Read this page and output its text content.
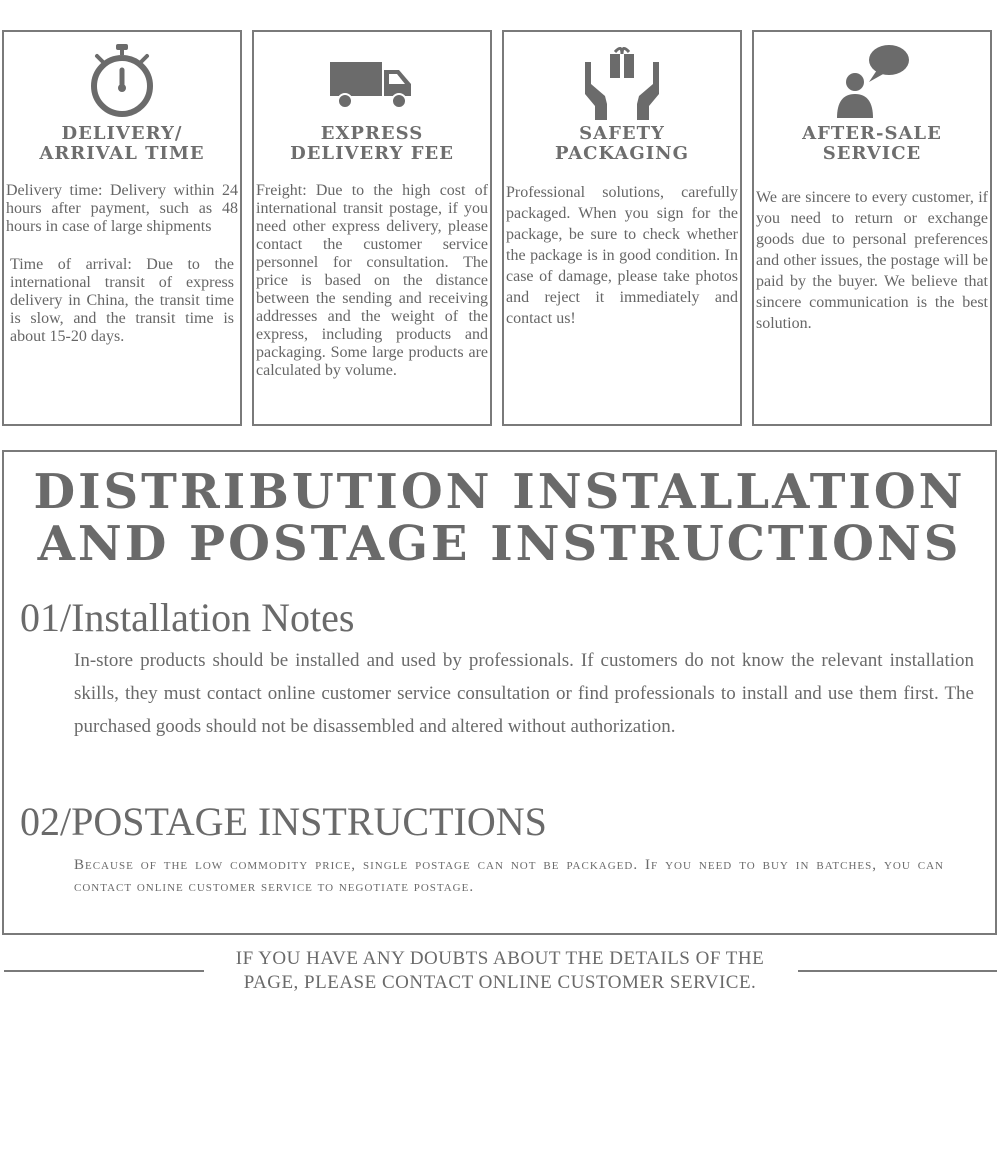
DELIVERY/
ARRIVAL TIME

Delivery time: Delivery within 24 hours after payment, such as 48 hours in case of large shipments

Time of arrival: Due to the international transit of express delivery in China, the transit time is slow, and the transit time is about 15-20 days.

EXPRESS
DELIVERY FEE

Freight: Due to the high cost of international transit postage, if you need other express delivery, please contact the customer service personnel for consultation. The price is based on the distance between the sending and receiving addresses and the weight of the express, including products and packaging. Some large products are calculated by volume.

SAFETY
PACKAGING

Professional solutions, carefully packaged. When you sign for the package, be sure to check whether the package is in good condition. In case of damage, please take photos and reject it immediately and contact us!

AFTER-SALE
SERVICE

We are sincere to every customer, if you need to return or exchange goods due to personal preferences and other issues, the postage will be paid by the buyer. We believe that sincere communication is the best solution.

DISTRIBUTION INSTALLATION
AND POSTAGE INSTRUCTIONS
01/Installation Notes
In-store products should be installed and used by professionals. If customers do not know the relevant installation skills, they must contact online customer service consultation or find professionals to install and use them first. The purchased goods should not be disassembled and altered without authorization.
02/POSTAGE INSTRUCTIONS
Because of the low commodity price, single postage can not be packaged. If you need to buy in batches, you can contact online customer service to negotiate postage.
IF YOU HAVE ANY DOUBTS ABOUT THE DETAILS OF THE
PAGE, PLEASE CONTACT ONLINE CUSTOMER SERVICE.
